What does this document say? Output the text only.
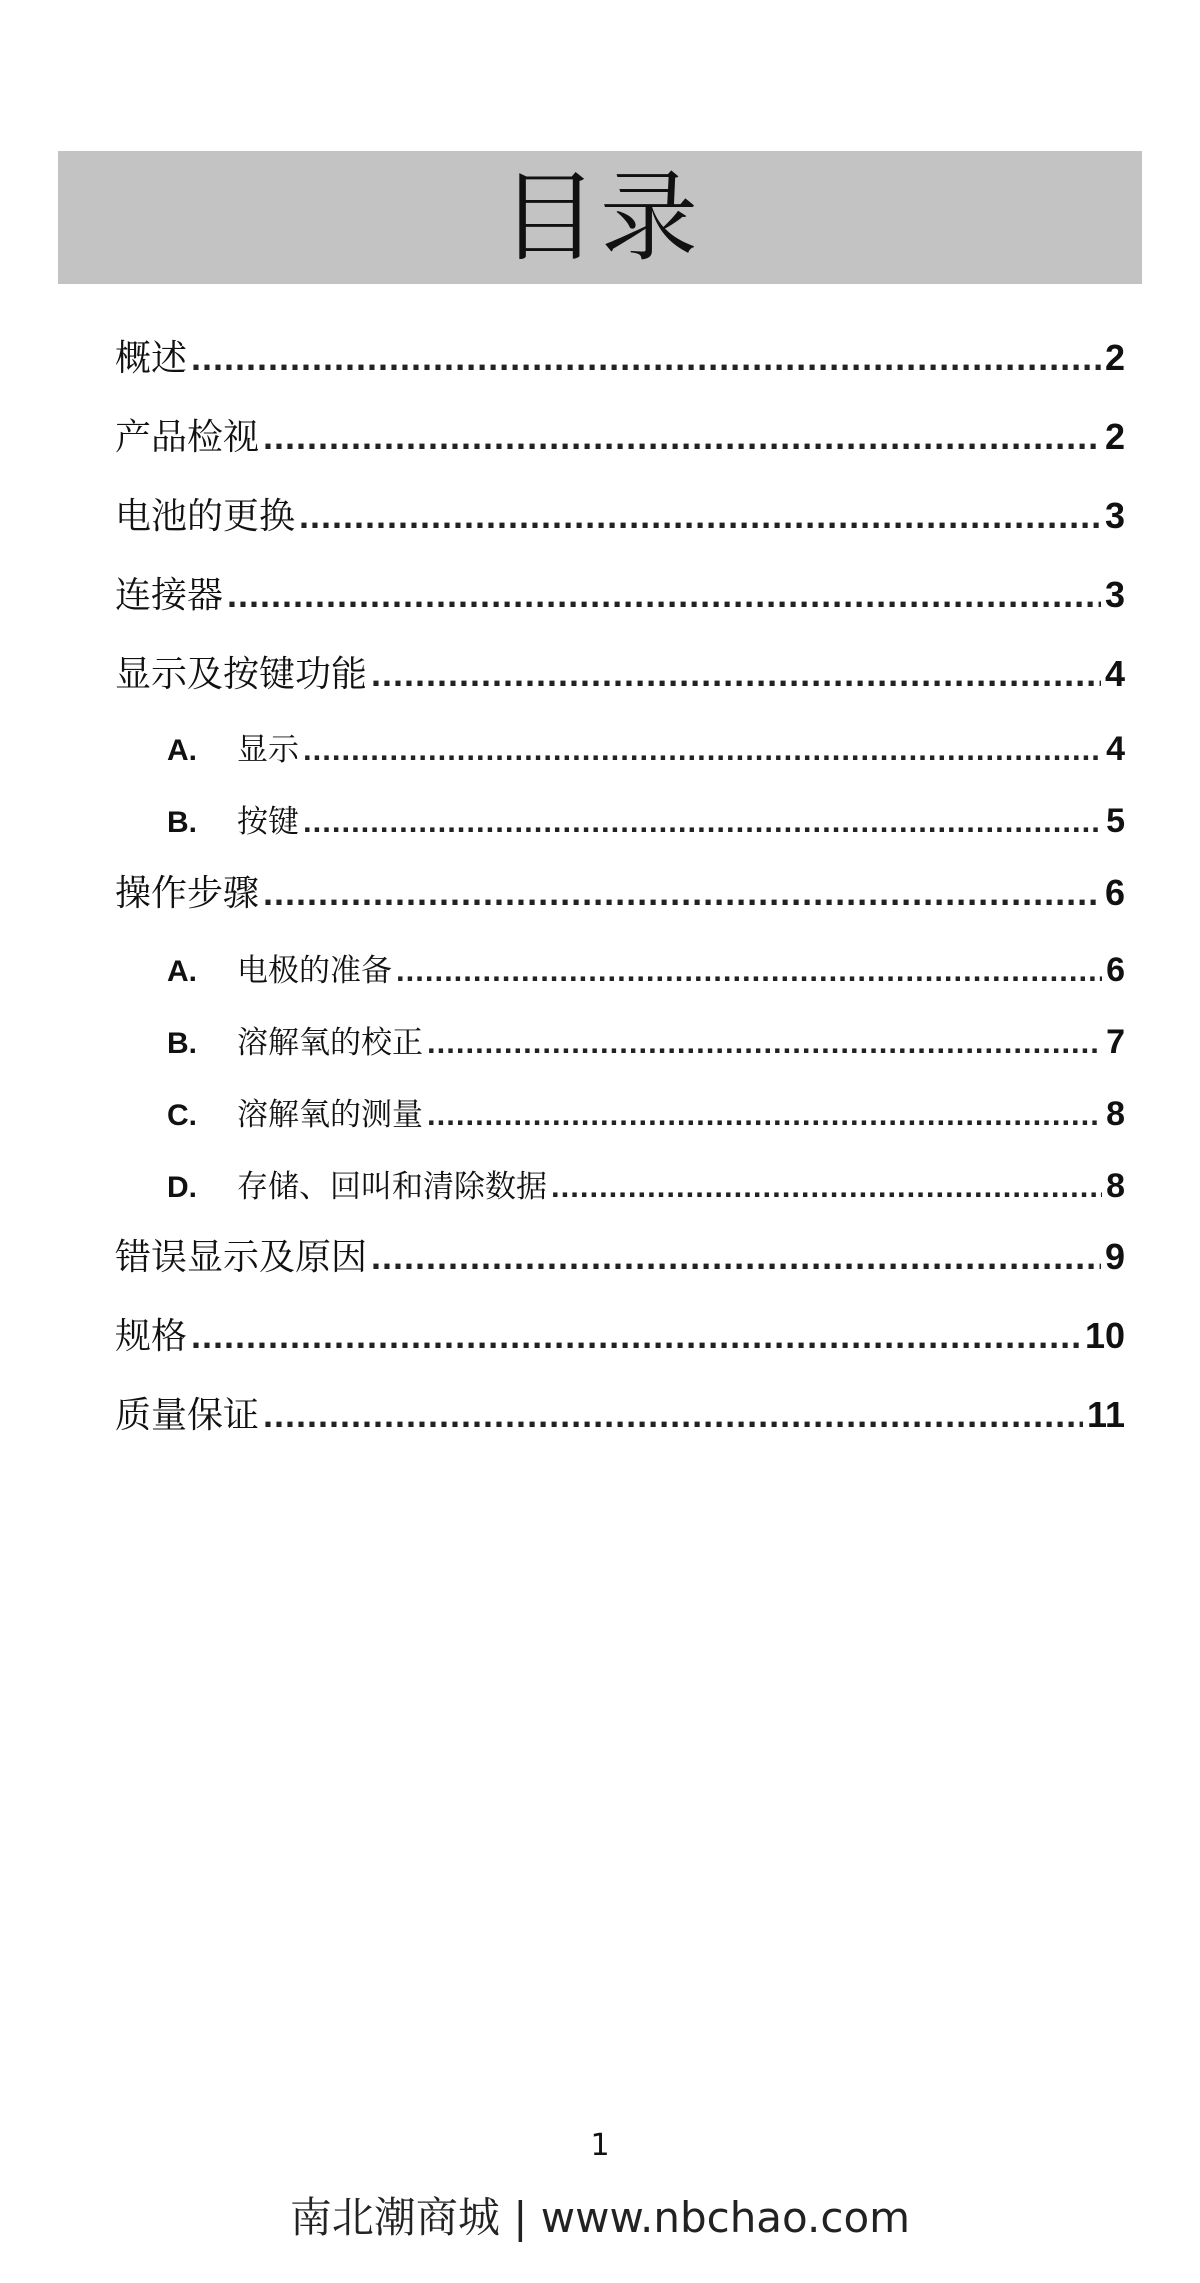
目录
概述 .....	2
产品检视 .....	2
电池的更换 .....	3
连接器 .....	3
显示及按键功能 .....	4
A.	显示 .....	4
B.	按键 .....	5
操作步骤 .....	6
A.	电极的准备 .....	6
B.	溶解氧的校正 .....	7
C.	溶解氧的测量 .....	8
D.	存储、回叫和清除数据 .....	8
错误显示及原因 .....	9
规格 .....	10
质量保证 .....	11
1
南北潮商城 | www.nbchao.com
